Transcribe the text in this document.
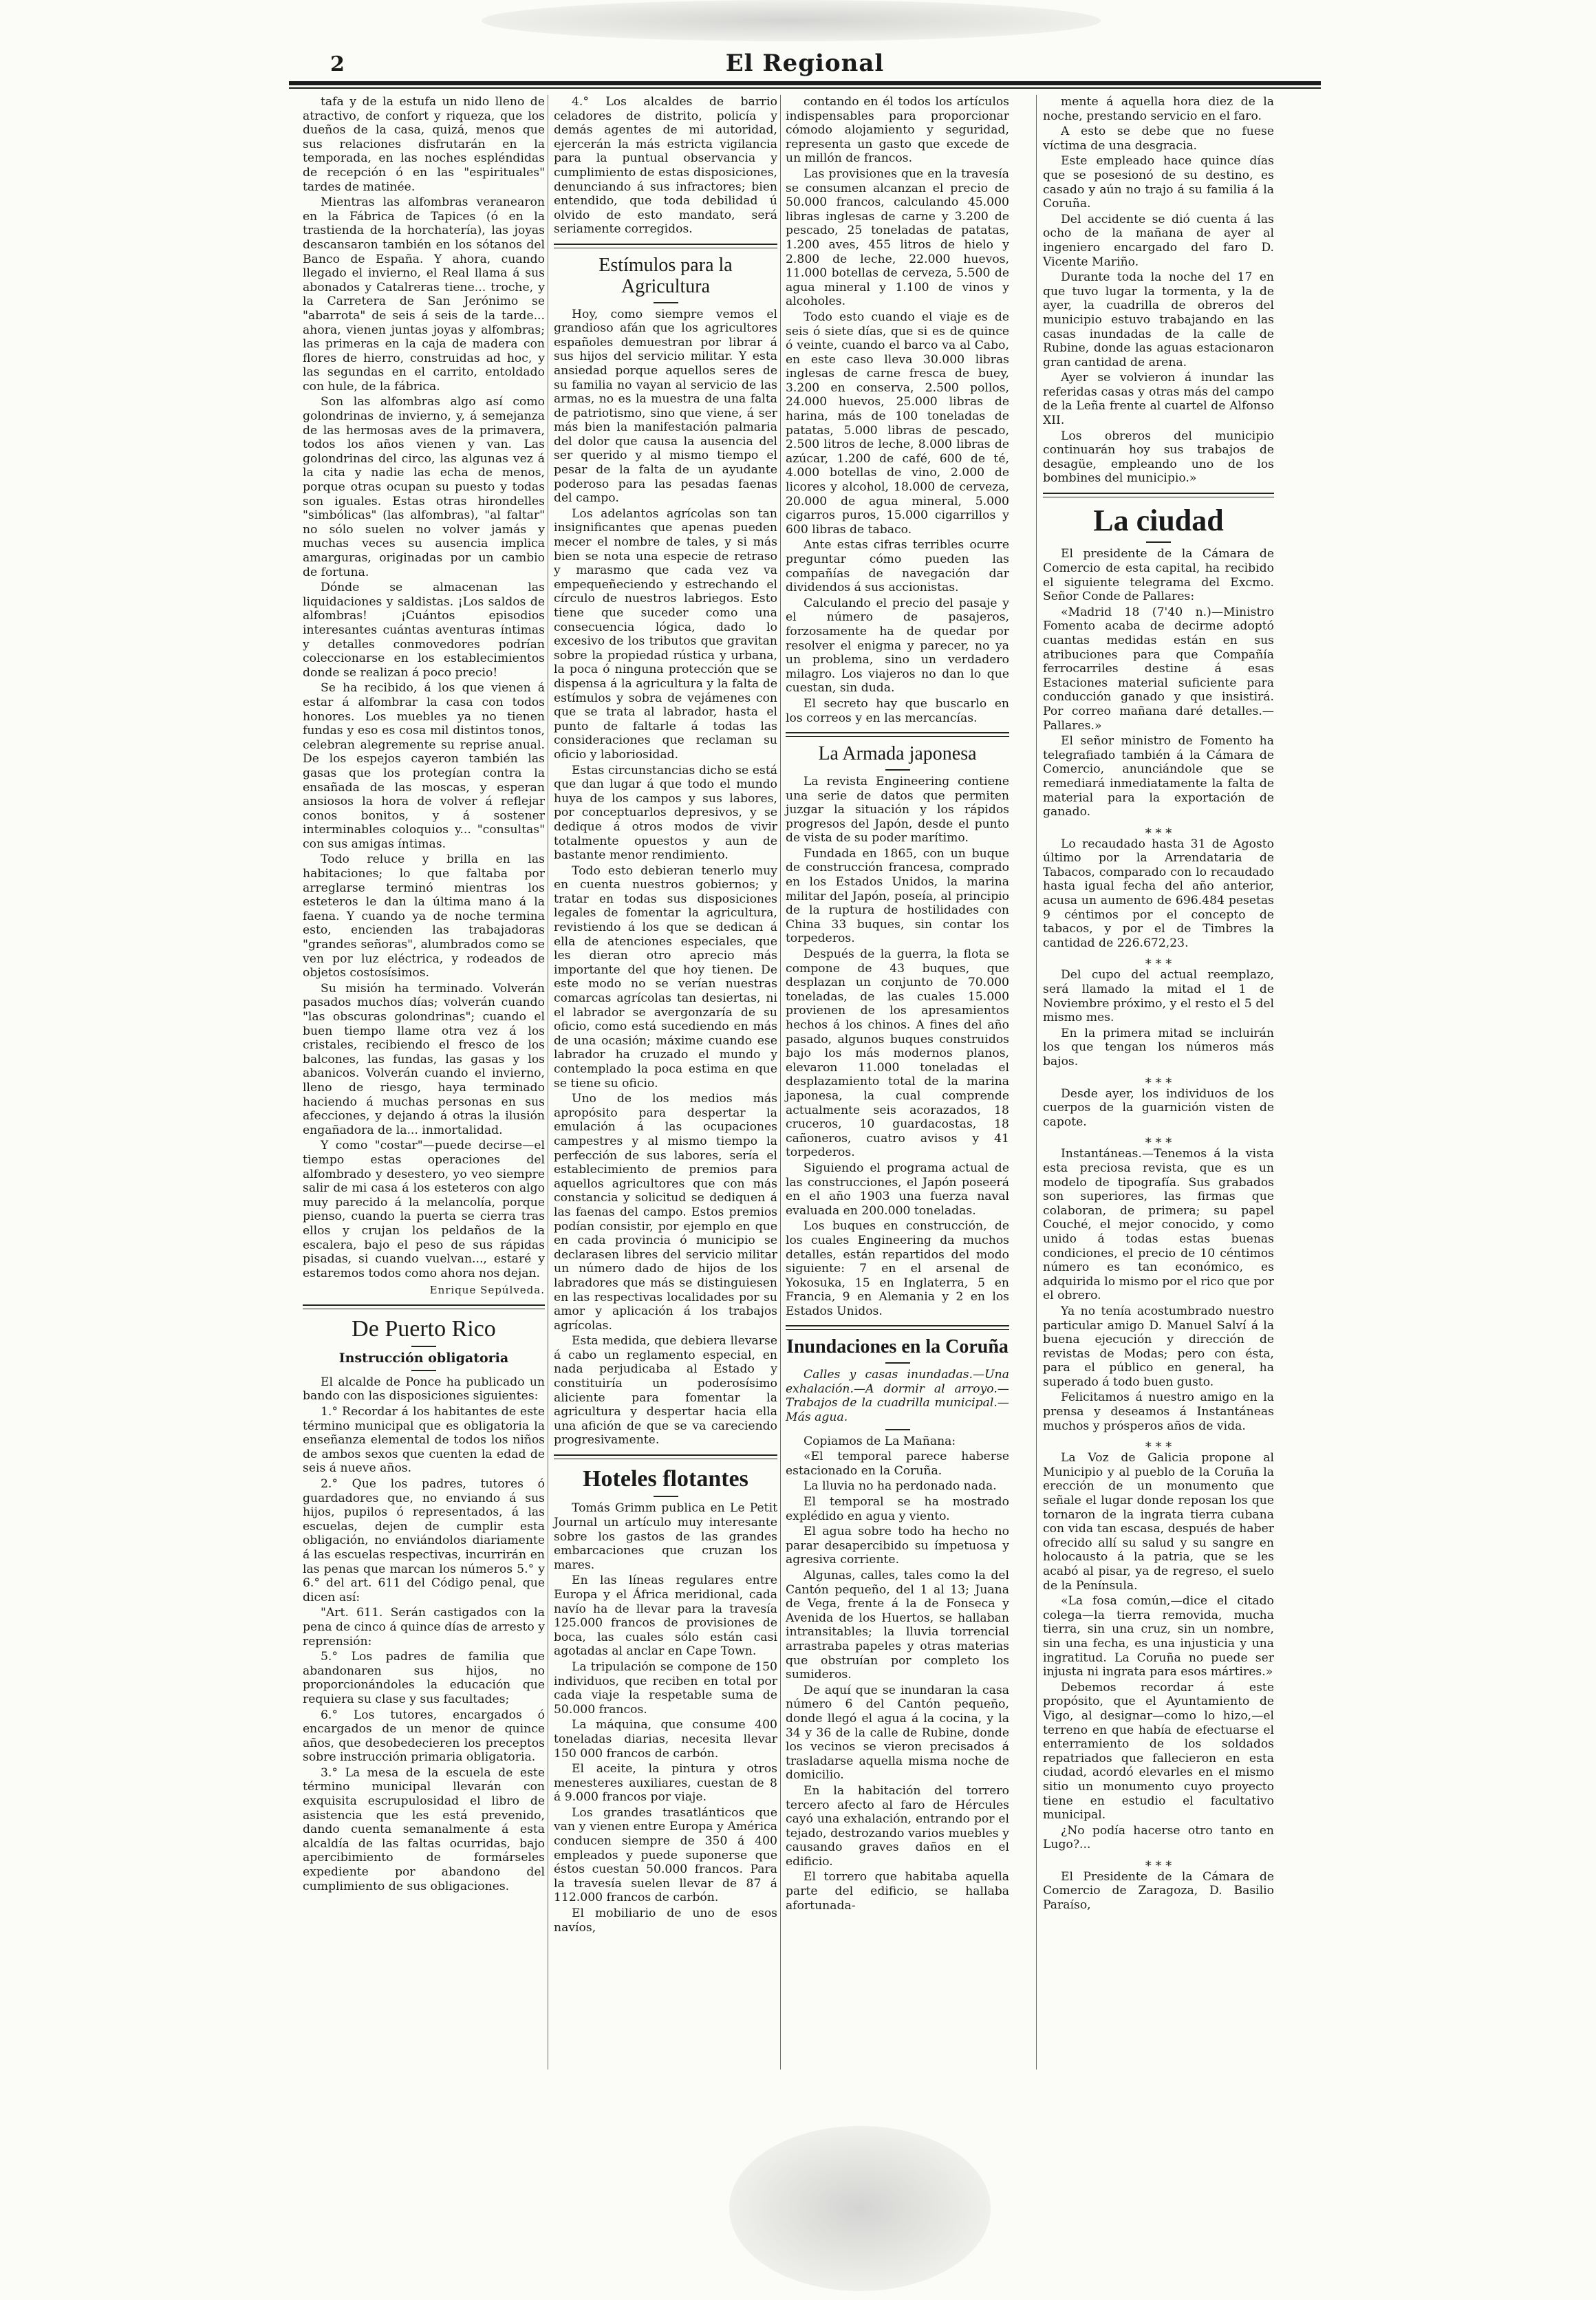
2	El Regional

tafa y de la estufa un nido lleno de atractivo, de confort y riqueza, que los dueños de la casa, quizá, menos que sus relaciones disfrutarán en la temporada, en las noches espléndidas de recepción ó en las "espirituales" tardes de matinée.

Mientras las alfombras veranearon en la Fábrica de Tapices (ó en la trastienda de la horchatería), las joyas descansaron también en los sótanos del Banco de España. Y ahora, cuando llegado el invierno, el Real llama á sus abonados y Catalreras tiene... troche, y la Carretera de San Jerónimo se "abarrota" de seis á seis de la tarde... ahora, vienen juntas joyas y alfombras; las primeras en la caja de madera con flores de hierro, construidas ad hoc, y las segundas en el carrito, entoldado con hule, de la fábrica.

Son las alfombras algo así como golondrinas de invierno, y, á semejanza de las hermosas aves de la primavera, todos los años vienen y van. Las golondrinas del circo, las algunas vez á la cita y nadie las echa de menos, porque otras ocupan su puesto y todas son iguales. Estas otras hirondelles "simbólicas" (las alfombras), "al faltar" no sólo suelen no volver jamás y muchas veces su ausencia implica amarguras, originadas por un cambio de fortuna.

Dónde se almacenan las liquidaciones y saldistas. ¡Los saldos de alfombras! ¡Cuántos episodios interesantes cuántas aventuras íntimas y detalles conmovedores podrían coleccionarse en los establecimientos donde se realizan á poco precio!

Se ha recibido, á los que vienen á estar á alfombrar la casa con todos honores. Los muebles ya no tienen fundas y eso es cosa mil distintos tonos, celebran alegremente su reprise anual. De los espejos cayeron también las gasas que los protegían contra la ensañada de las moscas, y esperan ansiosos la hora de volver á reflejar conos bonitos, y á sostener interminables coloquios y... "consultas" con sus amigas íntimas.

Todo reluce y brilla en las habitaciones; lo que faltaba por arreglarse terminó mientras los esteteros le dan la última mano á la faena. Y cuando ya de noche termina esto, encienden las trabajadoras "grandes señoras", alumbrados como se ven por luz eléctrica, y rodeados de objetos costosísimos.

Su misión ha terminado. Volverán pasados muchos días; volverán cuando "las obscuras golondrinas"; cuando el buen tiempo llame otra vez á los cristales, recibiendo el fresco de los balcones, las fundas, las gasas y los abanicos. Volverán cuando el invierno, lleno de riesgo, haya terminado haciendo á muchas personas en sus afecciones, y dejando á otras la ilusión engañadora de la... inmortalidad.

Y como "costar"—puede decirse—el tiempo estas operaciones del alfombrado y desestero, yo veo siempre salir de mi casa á los esteteros con algo muy parecido á la melancolía, porque pienso, cuando la puerta se cierra tras ellos y crujan los peldaños de la escalera, bajo el peso de sus rápidas pisadas, si cuando vuelvan..., estaré y estaremos todos como ahora nos dejan.

Enrique Sepúlveda.
De Puerto Rico
Instrucción obligatoria

El alcalde de Ponce ha publicado un bando con las disposiciones siguientes:

1.° Recordar á los habitantes de este término municipal que es obligatoria la enseñanza elemental de todos los niños de ambos sexos que cuenten la edad de seis á nueve años.

2.° Que los padres, tutores ó guardadores que, no enviando á sus hijos, pupilos ó representados, á las escuelas, dejen de cumplir esta obligación, no enviándolos diariamente á las escuelas respectivas, incurrirán en las penas que marcan los números 5.° y 6.° del art. 611 del Código penal, que dicen así:

"Art. 611. Serán castigados con la pena de cinco á quince días de arresto y reprensión:

5.° Los padres de familia que abandonaren sus hijos, no proporcionándoles la educación que requiera su clase y sus facultades;

6.° Los tutores, encargados ó encargados de un menor de quince años, que desobedecieren los preceptos sobre instrucción primaria obligatoria.

3.° La mesa de la escuela de este término municipal llevarán con exquisita escrupulosidad el libro de asistencia que les está prevenido, dando cuenta semanalmente á esta alcaldía de las faltas ocurridas, bajo apercibimiento de formárseles expediente por abandono del cumplimiento de sus obligaciones.

4.° Los alcaldes de barrio celadores de distrito, policía y demás agentes de mi autoridad, ejercerán la más estricta vigilancia para la puntual observancia y cumplimiento de estas disposiciones, denunciando á sus infractores; bien entendido, que toda debilidad ú olvido de esto mandato, será seriamente corregidos.

Estímulos para la Agricultura

Hoy, como siempre vemos el grandioso afán que los agricultores españoles demuestran por librar á sus hijos del servicio militar. Y esta ansiedad porque aquellos seres de su familia no vayan al servicio de las armas, no es la muestra de una falta de patriotismo, sino que viene, á ser más bien la manifestación palmaria del dolor que causa la ausencia del ser querido y al mismo tiempo el pesar de la falta de un ayudante poderoso para las pesadas faenas del campo.

Los adelantos agrícolas son tan insignificantes que apenas pueden mecer el nombre de tales, y si más bien se nota una especie de retraso y marasmo que cada vez va empequeñeciendo y estrechando el círculo de nuestros labriegos. Esto tiene que suceder como una consecuencia lógica, dado lo excesivo de los tributos que gravitan sobre la propiedad rústica y urbana, la poca ó ninguna protección que se dispensa á la agricultura y la falta de estímulos y sobra de vejámenes con que se trata al labrador, hasta el punto de faltarle á todas las consideraciones que reclaman su oficio y laboriosidad.

Estas circunstancias dicho se está que dan lugar á que todo el mundo huya de los campos y sus labores, por conceptuarlos depresivos, y se dedique á otros modos de vivir totalmente opuestos y aun de bastante menor rendimiento.

Todo esto debieran tenerlo muy en cuenta nuestros gobiernos; y tratar en todas sus disposiciones legales de fomentar la agricultura, revistiendo á los que se dedican á ella de atenciones especiales, que les dieran otro aprecio más importante del que hoy tienen. De este modo no se verían nuestras comarcas agrícolas tan desiertas, ni el labrador se avergonzaría de su oficio, como está sucediendo en más de una ocasión; máxime cuando ese labrador ha cruzado el mundo y contemplado la poca estima en que se tiene su oficio.

Uno de los medios más apropósito para despertar la emulación á las ocupaciones campestres y al mismo tiempo la perfección de sus labores, sería el establecimiento de premios para aquellos agricultores que con más constancia y solicitud se dediquen á las faenas del campo. Estos premios podían consistir, por ejemplo en que en cada provincia ó municipio se declarasen libres del servicio militar un número dado de hijos de los labradores que más se distinguiesen en las respectivas localidades por su amor y aplicación á los trabajos agrícolas.

Esta medida, que debiera llevarse á cabo un reglamento especial, en nada perjudicaba al Estado y constituiría un poderosísimo aliciente para fomentar la agricultura y despertar hacia ella una afición de que se va careciendo progresivamente.

Hoteles flotantes

Tomás Grimm publica en Le Petit Journal un artículo muy interesante sobre los gastos de las grandes embarcaciones que cruzan los mares.

En las líneas regulares entre Europa y el África meridional, cada navío ha de llevar para la travesía 125.000 francos de provisiones de boca, las cuales sólo están casi agotadas al anclar en Cape Town.

La tripulación se compone de 150 individuos, que reciben en total por cada viaje la respetable suma de 50.000 francos.

La máquina, que consume 400 toneladas diarias, necesita llevar 150 000 francos de carbón.

El aceite, la pintura y otros menesteres auxiliares, cuestan de 8 á 9.000 francos por viaje.

Los grandes trasatlánticos que van y vienen entre Europa y América conducen siempre de 350 á 400 empleados y puede suponerse que éstos cuestan 50.000 francos. Para la travesía suelen llevar de 87 á 112.000 francos de carbón.

El mobiliario de uno de esos navíos,

contando en él todos los artículos indispensables para proporcionar cómodo alojamiento y seguridad, representa un gasto que excede de un millón de francos.

Las provisiones que en la travesía se consumen alcanzan el precio de 50.000 francos, calculando 45.000 libras inglesas de carne y 3.200 de pescado, 25 toneladas de patatas, 1.200 aves, 455 litros de hielo y 2.800 de leche, 22.000 huevos, 11.000 botellas de cerveza, 5.500 de agua mineral y 1.100 de vinos y alcoholes.

Todo esto cuando el viaje es de seis ó siete días, que si es de quince ó veinte, cuando el barco va al Cabo, en este caso lleva 30.000 libras inglesas de carne fresca de buey, 3.200 en conserva, 2.500 pollos, 24.000 huevos, 25.000 libras de harina, más de 100 toneladas de patatas, 5.000 libras de pescado, 2.500 litros de leche, 8.000 libras de azúcar, 1.200 de café, 600 de té, 4.000 botellas de vino, 2.000 de licores y alcohol, 18.000 de cerveza, 20.000 de agua mineral, 5.000 cigarros puros, 15.000 cigarrillos y 600 libras de tabaco.

Ante estas cifras terribles ocurre preguntar cómo pueden las compañías de navegación dar dividendos á sus accionistas.

Calculando el precio del pasaje y el número de pasajeros, forzosamente ha de quedar por resolver el enigma y parecer, no ya un problema, sino un verdadero milagro. Los viajeros no dan lo que cuestan, sin duda.

El secreto hay que buscarlo en los correos y en las mercancías.

La Armada japonesa

La revista Engineering contiene una serie de datos que permiten juzgar la situación y los rápidos progresos del Japón, desde el punto de vista de su poder marítimo.

Fundada en 1865, con un buque de construcción francesa, comprado en los Estados Unidos, la marina militar del Japón, poseía, al principio de la ruptura de hostilidades con China 33 buques, sin contar los torpederos.

Después de la guerra, la flota se compone de 43 buques, que desplazan un conjunto de 70.000 toneladas, de las cuales 15.000 provienen de los apresamientos hechos á los chinos. A fines del año pasado, algunos buques construidos bajo los más modernos planos, elevaron 11.000 toneladas el desplazamiento total de la marina japonesa, la cual comprende actualmente seis acorazados, 18 cruceros, 10 guardacostas, 18 cañoneros, cuatro avisos y 41 torpederos.

Siguiendo el programa actual de las construcciones, el Japón poseerá en el año 1903 una fuerza naval evaluada en 200.000 toneladas.

Los buques en construcción, de los cuales Engineering da muchos detalles, están repartidos del modo siguiente: 7 en el arsenal de Yokosuka, 15 en Inglaterra, 5 en Francia, 9 en Alemania y 2 en los Estados Unidos.

Inundaciones en la Coruña
Calles y casas inundadas.—Una exhalación.—A dormir al arroyo.—Trabajos de la cuadrilla municipal.—Más agua.

Copiamos de La Mañana:

«El temporal parece haberse estacionado en la Coruña.

La lluvia no ha perdonado nada.

El temporal se ha mostrado explédido en agua y viento.

El agua sobre todo ha hecho no parar desapercibido su ímpetuosa y agresiva corriente.

Algunas, calles, tales como la del Cantón pequeño, del 1 al 13; Juana de Vega, frente á la de Fonseca y Avenida de los Huertos, se hallaban intransitables; la lluvia torrencial arrastraba papeles y otras materias que obstruían por completo los sumideros.

De aquí que se inundaran la casa número 6 del Cantón pequeño, donde llegó el agua á la cocina, y la 34 y 36 de la calle de Rubine, donde los vecinos se vieron precisados á trasladarse aquella misma noche de domicilio.

En la habitación del torrero tercero afecto al faro de Hércules cayó una exhalación, entrando por el tejado, destrozando varios muebles y causando graves daños en el edificio.

El torrero que habitaba aquella parte del edificio, se hallaba afortunada-

mente á aquella hora diez de la noche, prestando servicio en el faro.

A esto se debe que no fuese víctima de una desgracia.

Este empleado hace quince días que se posesionó de su destino, es casado y aún no trajo á su familia á la Coruña.

Del accidente se dió cuenta á las ocho de la mañana de ayer al ingeniero encargado del faro D. Vicente Mariño.

Durante toda la noche del 17 en que tuvo lugar la tormenta, y la de ayer, la cuadrilla de obreros del municipio estuvo trabajando en las casas inundadas de la calle de Rubine, donde las aguas estacionaron gran cantidad de arena.

Ayer se volvieron á inundar las referidas casas y otras más del campo de la Leña frente al cuartel de Alfonso XII.

Los obreros del municipio continuarán hoy sus trabajos de desagüe, empleando uno de los bombines del municipio.»

La ciudad

El presidente de la Cámara de Comercio de esta capital, ha recibido el siguiente telegrama del Excmo. Señor Conde de Pallares:

«Madrid 18 (7'40 n.)—Ministro Fomento acaba de decirme adoptó cuantas medidas están en sus atribuciones para que Compañía ferrocarriles destine á esas Estaciones material suficiente para conducción ganado y que insistirá. Por correo mañana daré detalles.—Pallares.»

El señor ministro de Fomento ha telegrafiado también á la Cámara de Comercio, anunciándole que se remediará inmediatamente la falta de material para la exportación de ganado.

⁎ ⁎ ⁎

Lo recaudado hasta 31 de Agosto último por la Arrendataria de Tabacos, comparado con lo recaudado hasta igual fecha del año anterior, acusa un aumento de 696.484 pesetas 9 céntimos por el concepto de tabacos, y por el de Timbres la cantidad de 226.672,23.

⁎ ⁎ ⁎

Del cupo del actual reemplazo, será llamado la mitad el 1 de Noviembre próximo, y el resto el 5 del mismo mes.

En la primera mitad se incluirán los que tengan los números más bajos.

⁎ ⁎ ⁎

Desde ayer, los individuos de los cuerpos de la guarnición visten de capote.

⁎ ⁎ ⁎

Instantáneas.—Tenemos á la vista esta preciosa revista, que es un modelo de tipografía. Sus grabados son superiores, las firmas que colaboran, de primera; su papel Couché, el mejor conocido, y como unido á todas estas buenas condiciones, el precio de 10 céntimos número es tan económico, es adquirida lo mismo por el rico que por el obrero.

Ya no tenía acostumbrado nuestro particular amigo D. Manuel Salví á la buena ejecución y dirección de revistas de Modas; pero con ésta, para el público en general, ha superado á todo buen gusto.

Felicitamos á nuestro amigo en la prensa y deseamos á Instantáneas muchos y prósperos años de vida.

⁎ ⁎ ⁎

La Voz de Galicia propone al Municipio y al pueblo de la Coruña la erección de un monumento que señale el lugar donde reposan los que tornaron de la ingrata tierra cubana con vida tan escasa, después de haber ofrecido allí su salud y su sangre en holocausto á la patria, que se les acabó al pisar, ya de regreso, el suelo de la Península.

«La fosa común,—dice el citado colega—la tierra removida, mucha tierra, sin una cruz, sin un nombre, sin una fecha, es una injusticia y una ingratitud. La Coruña no puede ser injusta ni ingrata para esos mártires.»

Debemos recordar á este propósito, que el Ayuntamiento de Vigo, al designar—como lo hizo,—el terreno en que había de efectuarse el enterramiento de los soldados repatriados que fallecieron en esta ciudad, acordó elevarles en el mismo sitio un monumento cuyo proyecto tiene en estudio el facultativo municipal.

¿No podía hacerse otro tanto en Lugo?...

⁎ ⁎ ⁎

El Presidente de la Cámara de Comercio de Zaragoza, D. Basilio Paraíso,
